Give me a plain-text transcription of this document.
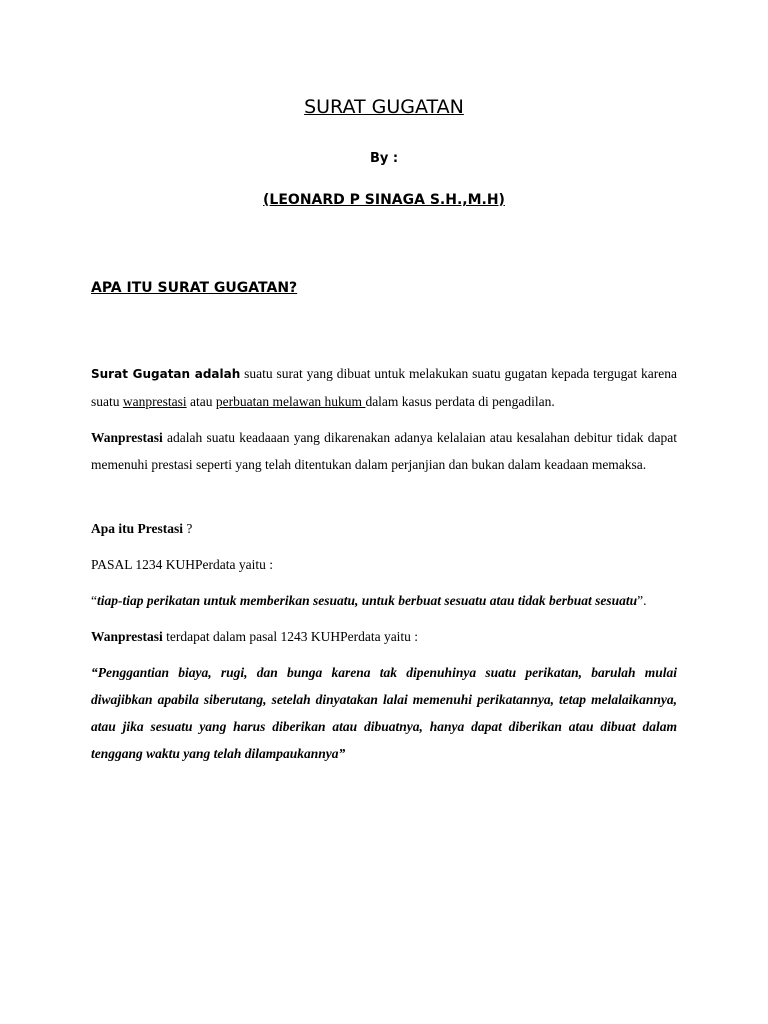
SURAT GUGATAN
By :
(LEONARD P SINAGA S.H.,M.H)
APA ITU SURAT GUGATAN?

Surat Gugatan adalah suatu surat yang dibuat untuk melakukan suatu gugatan kepada tergugat karena suatu wanprestasi atau perbuatan melawan hukum dalam kasus perdata di pengadilan.

Wanprestasi adalah suatu keadaaan yang dikarenakan adanya kelalaian atau kesalahan debitur tidak dapat memenuhi prestasi seperti yang telah ditentukan dalam perjanjian dan bukan dalam keadaan memaksa.

Apa itu Prestasi ?

PASAL 1234 KUHPerdata yaitu :

“tiap-tiap perikatan untuk memberikan sesuatu, untuk berbuat sesuatu atau tidak berbuat sesuatu”.

Wanprestasi terdapat dalam pasal 1243 KUHPerdata yaitu :

“Penggantian biaya, rugi, dan bunga karena tak dipenuhinya suatu perikatan, barulah mulai diwajibkan apabila siberutang, setelah dinyatakan lalai memenuhi perikatannya, tetap melalaikannya, atau jika sesuatu yang harus diberikan atau dibuatnya, hanya dapat diberikan atau dibuat dalam tenggang waktu yang telah dilampaukannya”
